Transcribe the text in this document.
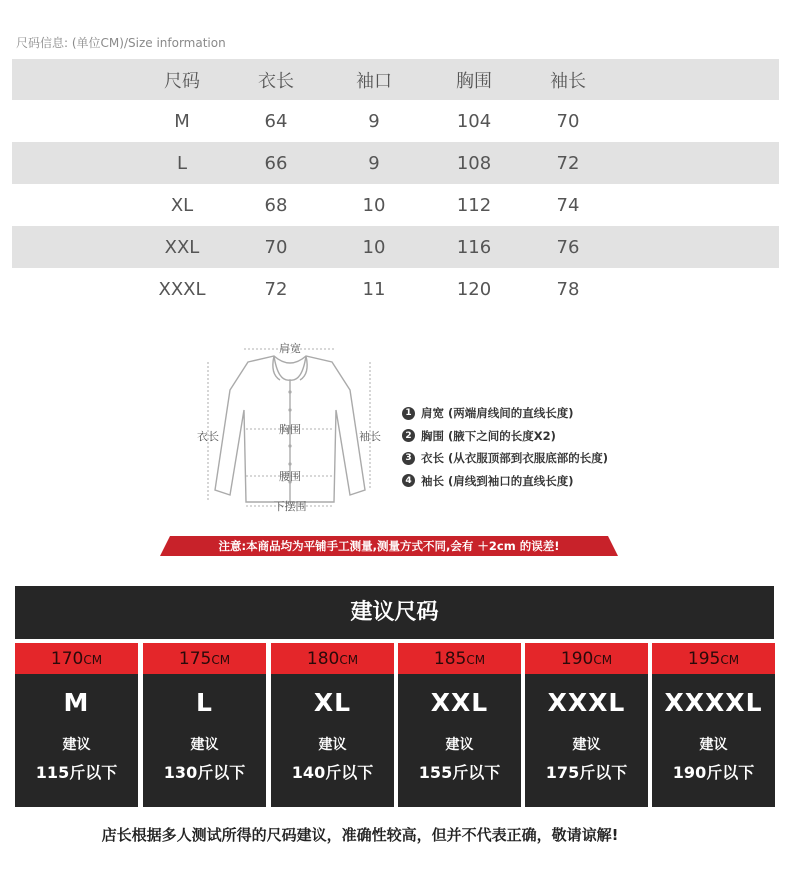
尺码信息: (单位CM)/Size information
尺码	衣长	袖口	胸围	袖长
M	64	9	104	70
L	66	9	108	72
XL	68	10	112	74
XXL	70	10	116	76
XXXL	72	11	120	78
肩宽
衣长	袖长
胸围
腰围
下摆围
1 肩宽 (两端肩线间的直线长度)
2 胸围 (腋下之间的长度X2)
3 衣长 (从衣服顶部到衣服底部的长度)
4 袖长 (肩线到袖口的直线长度)
注意:本商品均为平铺手工测量,测量方式不同,会有 ＋2cm 的误差!
建议尺码
170CM
M
建议
115斤以下
175CM
L
建议
130斤以下
180CM
XL
建议
140斤以下
185CM
XXL
建议
155斤以下
190CM
XXXL
建议
175斤以下
195CM
XXXXL
建议
190斤以下
店长根据多人测试所得的尺码建议，准确性较高，但并不代表正确，敬请谅解!
